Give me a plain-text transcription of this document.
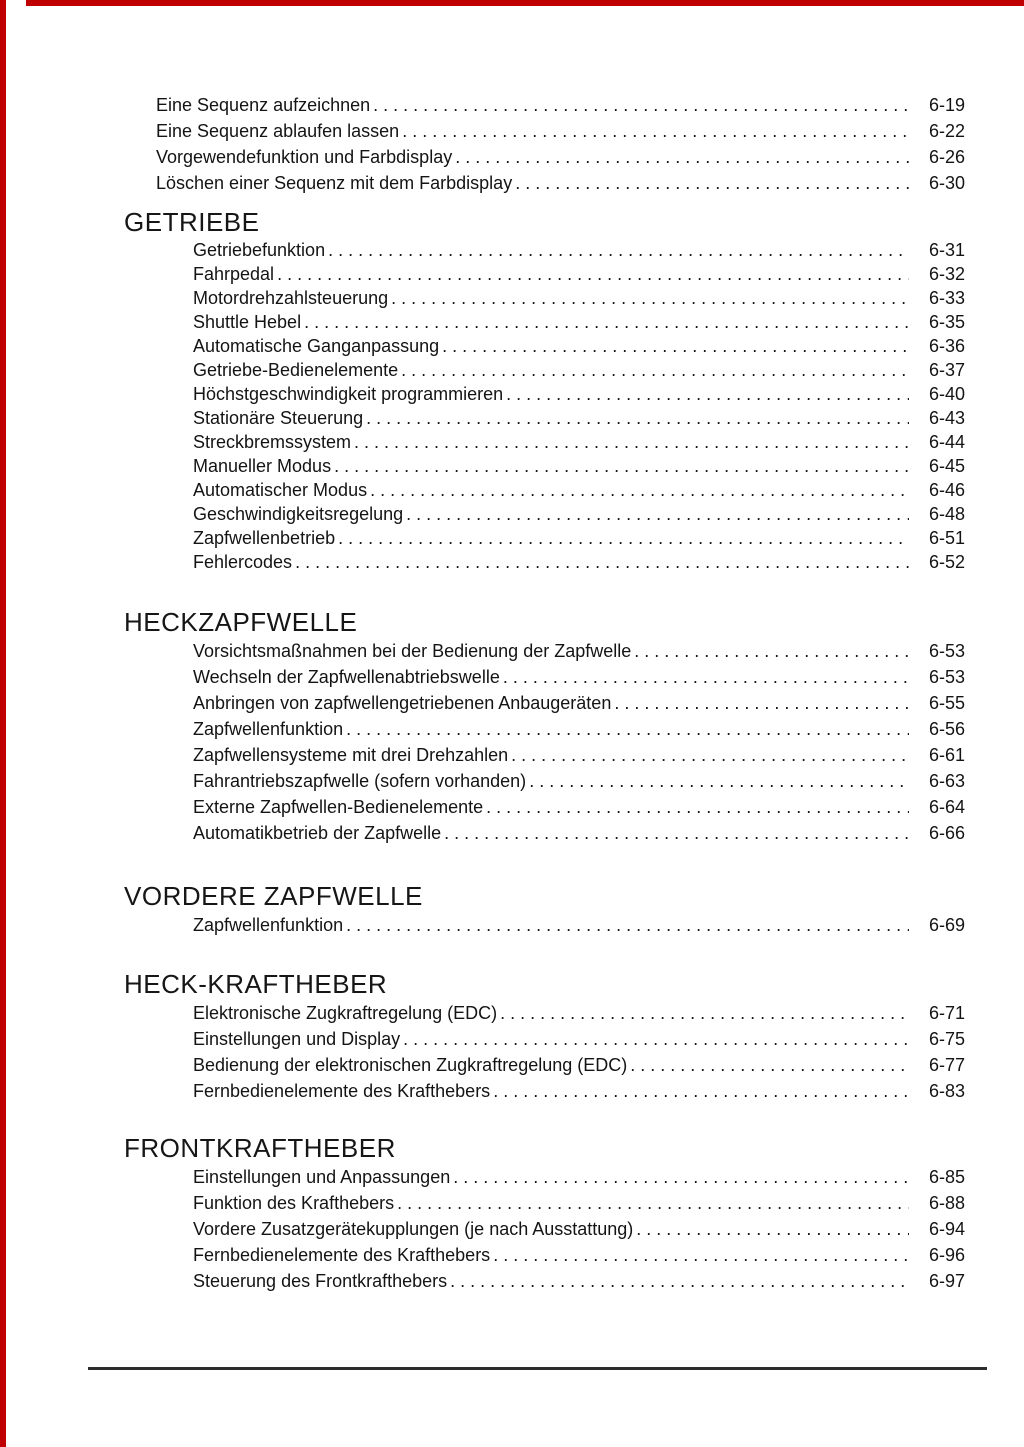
Eine Sequenz aufzeichnen .....	6-19
Eine Sequenz ablaufen lassen .....	6-22
Vorgewendefunktion und Farbdisplay .....	6-26
Löschen einer Sequenz mit dem Farbdisplay .....	6-30
GETRIEBE
Getriebefunktion .....	6-31
Fahrpedal .....	6-32
Motordrehzahlsteuerung .....	6-33
Shuttle Hebel .....	6-35
Automatische Ganganpassung .....	6-36
Getriebe-Bedienelemente .....	6-37
Höchstgeschwindigkeit programmieren .....	6-40
Stationäre Steuerung .....	6-43
Streckbremssystem .....	6-44
Manueller Modus .....	6-45
Automatischer Modus .....	6-46
Geschwindigkeitsregelung .....	6-48
Zapfwellenbetrieb .....	6-51
Fehlercodes .....	6-52
HECKZAPFWELLE
Vorsichtsmaßnahmen bei der Bedienung der Zapfwelle .....	6-53
Wechseln der Zapfwellenabtriebswelle .....	6-53
Anbringen von zapfwellengetriebenen Anbaugeräten .....	6-55
Zapfwellenfunktion .....	6-56
Zapfwellensysteme mit drei Drehzahlen .....	6-61
Fahrantriebszapfwelle (sofern vorhanden) .....	6-63
Externe Zapfwellen-Bedienelemente .....	6-64
Automatikbetrieb der Zapfwelle .....	6-66
VORDERE ZAPFWELLE
Zapfwellenfunktion .....	6-69
HECK-KRAFTHEBER
Elektronische Zugkraftregelung (EDC) .....	6-71
Einstellungen und Display .....	6-75
Bedienung der elektronischen Zugkraftregelung (EDC) .....	6-77
Fernbedienelemente des Krafthebers .....	6-83
FRONTKRAFTHEBER
Einstellungen und Anpassungen .....	6-85
Funktion des Krafthebers .....	6-88
Vordere Zusatzgerätekupplungen (je nach Ausstattung) .....	6-94
Fernbedienelemente des Krafthebers .....	6-96
Steuerung des Frontkrafthebers .....	6-97
